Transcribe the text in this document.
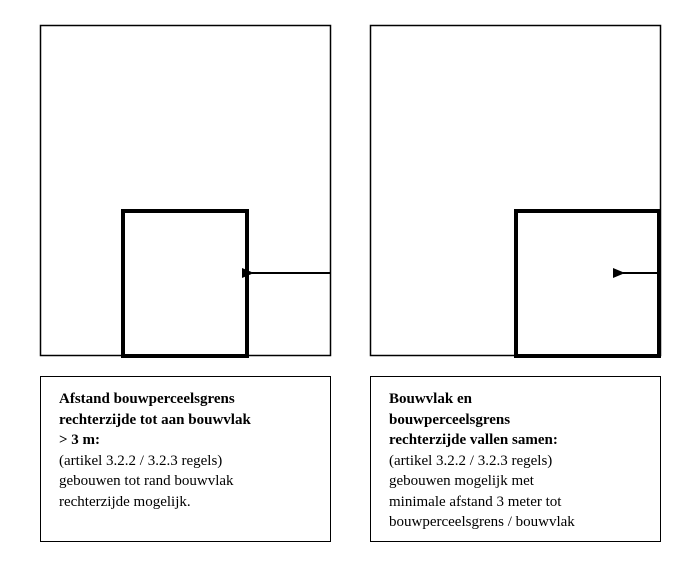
Afstand bouwperceelsgrens
rechterzijde tot aan bouwvlak
> 3 m:
(artikel 3.2.2 / 3.2.3 regels)
gebouwen tot rand bouwvlak
rechterzijde mogelijk.
Bouwvlak en
bouwperceelsgrens
rechterzijde vallen samen:
(artikel 3.2.2 / 3.2.3 regels)
gebouwen mogelijk met
minimale afstand 3 meter tot
bouwperceelsgrens / bouwvlak
